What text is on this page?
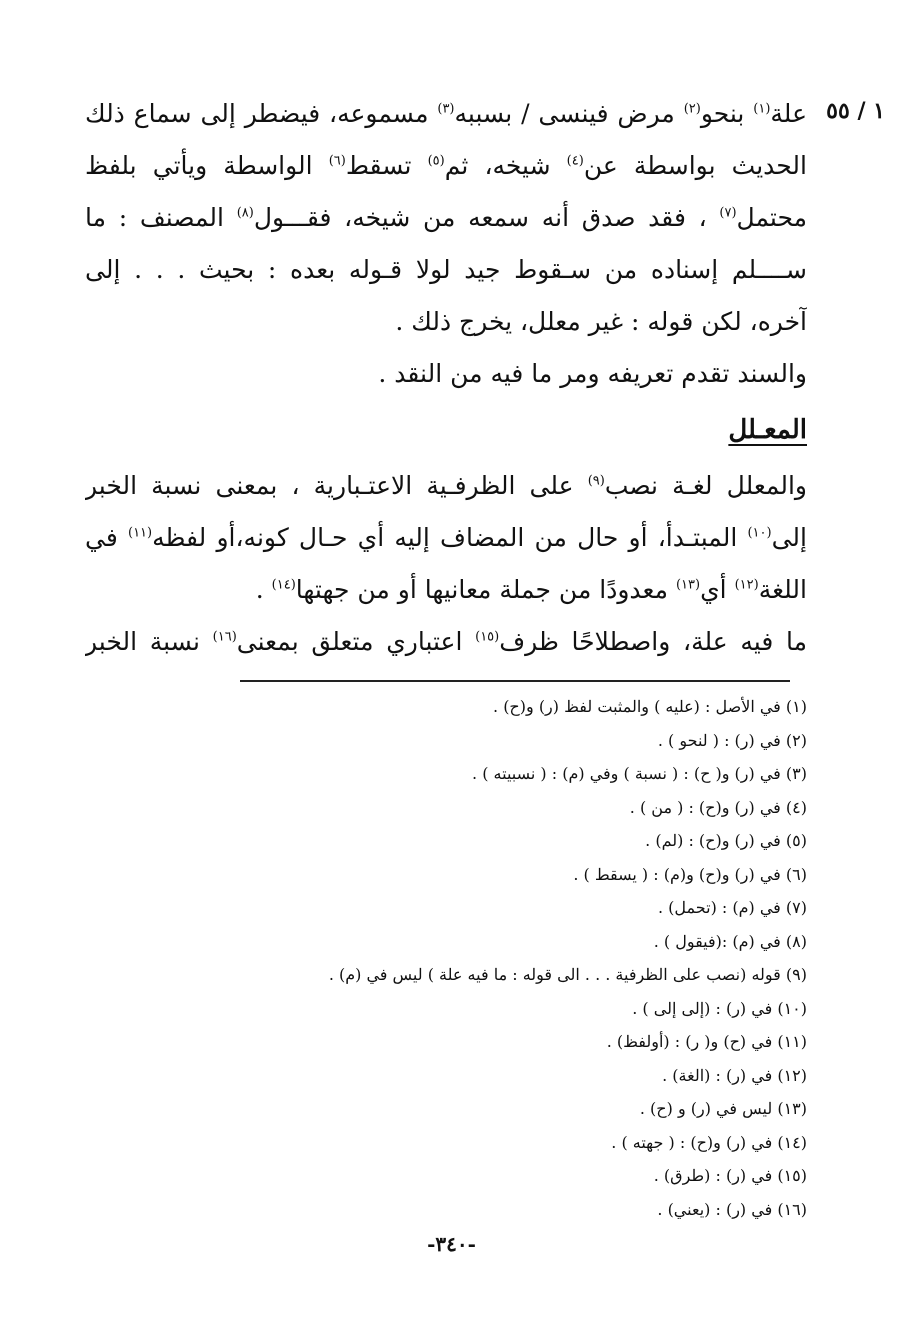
١ / ٥٥
علة$^{(١)}$ بنحو$^{(٢)}$ مرض فينسى / بسببه$^{(٣)}$ مسموعه، فيضطر إلى سماع ذلك
الحديث بواسطة عن$^{(٤)}$ شيخه، ثم$^{(٥)}$ تسقط$^{(٦)}$ الواسطة ويأتي بلفظ
محتمل$^{(٧)}$ ، فقد صدق أنه سمعه من شيخه، فقـــول$^{(٨)}$ المصنف : ما
ســــلم إسناده من سـقوط جيد لولا قـوله بعده : بحيث . . . إلى
آخره، لكن قوله : غير معلل، يخرج ذلك .
والسند تقدم تعريفه ومر ما فيه من النقد .
المعـلل
والمعلل لغـة نصب$^{(٩)}$ على الظرفـية الاعتـبارية ، بمعنى نسبة الخبر
إلى$^{(١٠)}$ المبتـدأ، أو حال من المضاف إليه أي حـال كونه،أو لفظه$^{(١١)}$ في
اللغة$^{(١٢)}$ أي$^{(١٣)}$ معدودًا من جملة معانيها أو من جهتها$^{(١٤)}$ .
ما فيه علة، واصطلاحًا ظرف$^{(١٥)}$ اعتباري متعلق بمعنى$^{(١٦)}$ نسبة الخبر
(١) في الأصل : (عليه ) والمثبت لفظ (ر) و(ح) .
(٢) في (ر) : ( لنحو ) .
(٣) في (ر) و( ح) : ( نسبة ) وفي (م) : ( نسبيته ) .
(٤) في (ر) و(ح) : ( من ) .
(٥) في (ر) و(ح) : (لم) .
(٦) في (ر) و(ح) و(م) : ( يسقط ) .
(٧) في (م) : (تحمل) .
(٨) في (م) :(فيقول ) .
(٩) قوله (نصب على الظرفية . . . الى قوله : ما فيه علة ) ليس في (م) .
(١٠) في (ر) : (إلى إلى ) .
(١١) في (ح) و( ر) : (أولفظ) .
(١٢) في (ر) : (الغة) .
(١٣) ليس في (ر) و (ح) .
(١٤) في (ر) و(ح) : ( جهته ) .
(١٥) في (ر) : (طرق) .
(١٦) في (ر) : (يعني) .
-٣٤٠-
